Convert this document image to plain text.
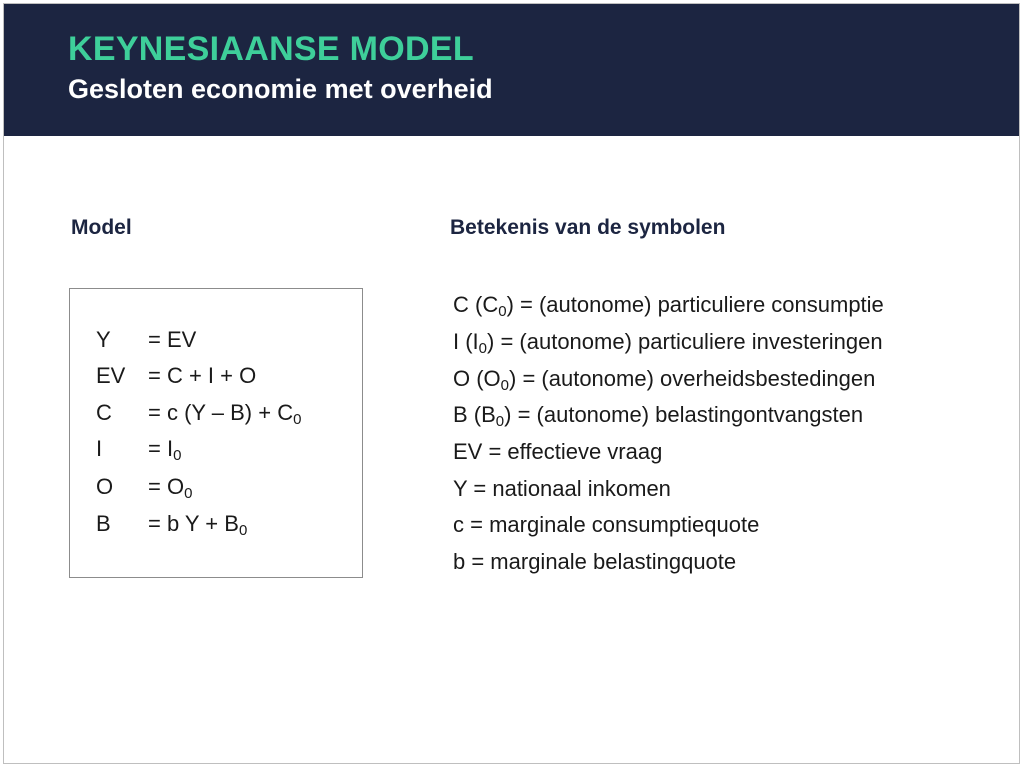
KEYNESIAANSE MODEL
Gesloten economie met overheid
Model	Betekenis van de symbolen
Y = EV
EV = C + I + O
C = c $(Y - B) + C_0$
$I = I_0$
$O = O_0$
B = b $Y + B_0$
C $(C_0)$ = (autonome) particuliere consumptie
I $(I_0)$ = (autonome) particuliere investeringen
O $(O_0)$ = (autonome) overheidsbestedingen
B $(B_0)$ = (autonome) belastingontvangsten
EV = effectieve vraag
Y = nationaal inkomen
c = marginale consumptiequote
b = marginale belastingquote
